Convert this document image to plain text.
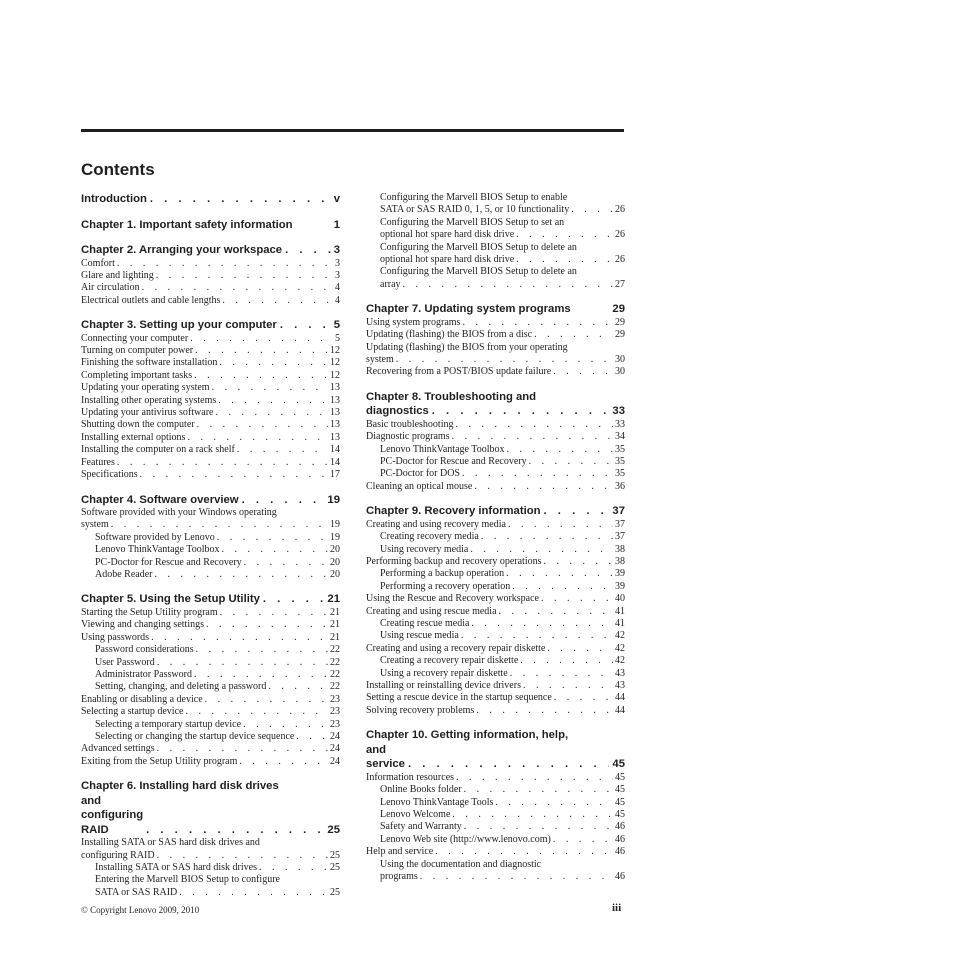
Contents
Introduction . . .	v
Chapter 1. Important safety information	1
Chapter 2. Arranging your workspace . . .	3
Comfort . . .	3
Glare and lighting . . .	3
Air circulation . . .	4
Electrical outlets and cable lengths . . .	4
Chapter 3. Setting up your computer . . .	5
Connecting your computer . . .	5
Turning on computer power . . .	12
Finishing the software installation . . .	12
Completing important tasks . . .	12
Updating your operating system . . .	13
Installing other operating systems . . .	13
Updating your antivirus software . . .	13
Shutting down the computer . . .	13
Installing external options . . .	13
Installing the computer on a rack shelf . . .	14
Features . . .	14
Specifications . . .	17
Chapter 4. Software overview . . .	19
Software provided with your Windows operating
system . . .	19
Software provided by Lenovo . . .	19
Lenovo ThinkVantage Toolbox . . .	20
PC-Doctor for Rescue and Recovery . . .	20
Adobe Reader . . .	20
Chapter 5. Using the Setup Utility . . .	21
Starting the Setup Utility program . . .	21
Viewing and changing settings . . .	21
Using passwords . . .	21
Password considerations . . .	22
User Password . . .	22
Administrator Password . . .	22
Setting, changing, and deleting a password . . .	22
Enabling or disabling a device . . .	23
Selecting a startup device . . .	23
Selecting a temporary startup device . . .	23
Selecting or changing the startup device sequence . . .	24
Advanced settings . . .	24
Exiting from the Setup Utility program . . .	24
Chapter 6. Installing hard disk drives
and configuring RAID . . .	25
Installing SATA or SAS hard disk drives and
configuring RAID . . .	25
Installing SATA or SAS hard disk drives . . .	25
Entering the Marvell BIOS Setup to configure
SATA or SAS RAID . . .	25
Configuring the Marvell BIOS Setup to enable
SATA or SAS RAID 0, 1, 5, or 10 functionality . . .	26
Configuring the Marvell BIOS Setup to set an
optional hot spare hard disk drive . . .	26
Configuring the Marvell BIOS Setup to delete an
optional hot spare hard disk drive . . .	26
Configuring the Marvell BIOS Setup to delete an
array . . .	27
Chapter 7. Updating system programs	29
Using system programs . . .	29
Updating (flashing) the BIOS from a disc . . .	29
Updating (flashing) the BIOS from your operating
system . . .	30
Recovering from a POST/BIOS update failure . . .	30
Chapter 8. Troubleshooting and
diagnostics . . .	33
Basic troubleshooting . . .	33
Diagnostic programs . . .	34
Lenovo ThinkVantage Toolbox . . .	35
PC-Doctor for Rescue and Recovery . . .	35
PC-Doctor for DOS . . .	35
Cleaning an optical mouse . . .	36
Chapter 9. Recovery information . . .	37
Creating and using recovery media . . .	37
Creating recovery media . . .	37
Using recovery media . . .	38
Performing backup and recovery operations . . .	38
Performing a backup operation . . .	39
Performing a recovery operation . . .	39
Using the Rescue and Recovery workspace . . .	40
Creating and using rescue media . . .	41
Creating rescue media . . .	41
Using rescue media . . .	42
Creating and using a recovery repair diskette . . .	42
Creating a recovery repair diskette . . .	42
Using a recovery repair diskette . . .	43
Installing or reinstalling device drivers . . .	43
Setting a rescue device in the startup sequence . . .	44
Solving recovery problems . . .	44
Chapter 10. Getting information, help,
and service . . .	45
Information resources . . .	45
Online Books folder . . .	45
Lenovo ThinkVantage Tools . . .	45
Lenovo Welcome . . .	45
Safety and Warranty . . .	46
Lenovo Web site (http://www.lenovo.com) . . .	46
Help and service . . .	46
Using the documentation and diagnostic
programs . . .	46
© Copyright Lenovo 2009, 2010	iii
